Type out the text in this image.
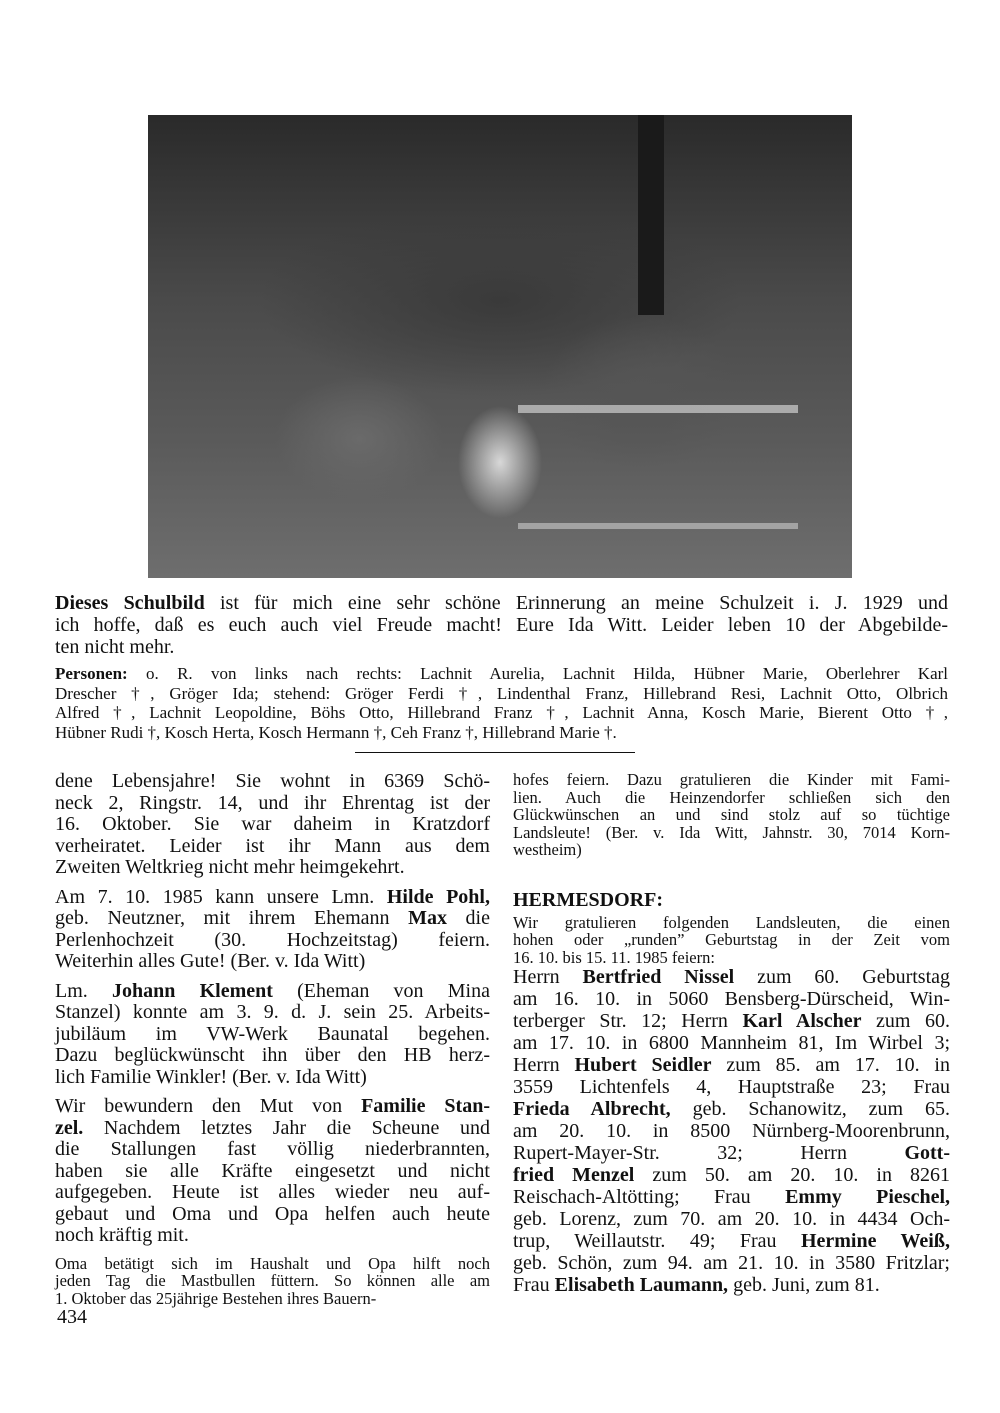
Dieses Schulbild ist für mich eine sehr schöne Erinnerung an meine Schulzeit i. J. 1929 und
ich hoffe, daß es euch auch viel Freude macht! Eure Ida Witt. Leider leben 10 der Abgebilde-
ten nicht mehr.
Personen: o. R. von links nach rechts: Lachnit Aurelia, Lachnit Hilda, Hübner Marie, Oberlehrer Karl
Drescher †, Gröger Ida; stehend: Gröger Ferdi †, Lindenthal Franz, Hillebrand Resi, Lachnit Otto, Olbrich
Alfred †, Lachnit Leopoldine, Böhs Otto, Hillebrand Franz †, Lachnit Anna, Kosch Marie, Bierent Otto †,
Hübner Rudi †, Kosch Herta, Kosch Hermann †, Ceh Franz †, Hillebrand Marie †.
dene Lebensjahre! Sie wohnt in 6369 Schö-
neck 2, Ringstr. 14, und ihr Ehrentag ist der
16. Oktober. Sie war daheim in Kratzdorf
verheiratet. Leider ist ihr Mann aus dem
Zweiten Weltkrieg nicht mehr heimgekehrt.
Am 7. 10. 1985 kann unsere Lmn. Hilde Pohl,
geb. Neutzner, mit ihrem Ehemann Max die
Perlenhochzeit (30. Hochzeitstag) feiern.
Weiterhin alles Gute! (Ber. v. Ida Witt)
Lm. Johann Klement (Eheman von Mina
Stanzel) konnte am 3. 9. d. J. sein 25. Arbeits-
jubiläum im VW-Werk Baunatal begehen.
Dazu beglückwünscht ihn über den HB herz-
lich Familie Winkler! (Ber. v. Ida Witt)
Wir bewundern den Mut von Familie Stan-
zel. Nachdem letztes Jahr die Scheune und
die Stallungen fast völlig niederbrannten,
haben sie alle Kräfte eingesetzt und nicht
aufgegeben. Heute ist alles wieder neu auf-
gebaut und Oma und Opa helfen auch heute
noch kräftig mit.
Oma betätigt sich im Haushalt und Opa hilft noch
jeden Tag die Mastbullen füttern. So können alle am
1. Oktober das 25jährige Bestehen ihres Bauern-
hofes feiern. Dazu gratulieren die Kinder mit Fami-
lien. Auch die Heinzendorfer schließen sich den
Glückwünschen an und sind stolz auf so tüchtige
Landsleute! (Ber. v. Ida Witt, Jahnstr. 30, 7014 Korn-
westheim)
HERMESDORF:
Wir gratulieren folgenden Landsleuten, die einen
hohen oder „runden” Geburtstag in der Zeit vom
16. 10. bis 15. 11. 1985 feiern:
Herrn Bertfried Nissel zum 60. Geburtstag
am 16. 10. in 5060 Bensberg-Dürscheid, Win-
terberger Str. 12; Herrn Karl Alscher zum 60.
am 17. 10. in 6800 Mannheim 81, Im Wirbel 3;
Herrn Hubert Seidler zum 85. am 17. 10. in
3559 Lichtenfels 4, Hauptstraße 23; Frau
Frieda Albrecht, geb. Schanowitz, zum 65.
am 20. 10. in 8500 Nürnberg-Moorenbrunn,
Rupert-Mayer-Str. 32; Herrn Gott-
fried Menzel zum 50. am 20. 10. in 8261
Reischach-Altötting; Frau Emmy Pieschel,
geb. Lorenz, zum 70. am 20. 10. in 4434 Och-
trup, Weillautstr. 49; Frau Hermine Weiß,
geb. Schön, zum 94. am 21. 10. in 3580 Fritzlar;
Frau Elisabeth Laumann, geb. Juni, zum 81.
434
